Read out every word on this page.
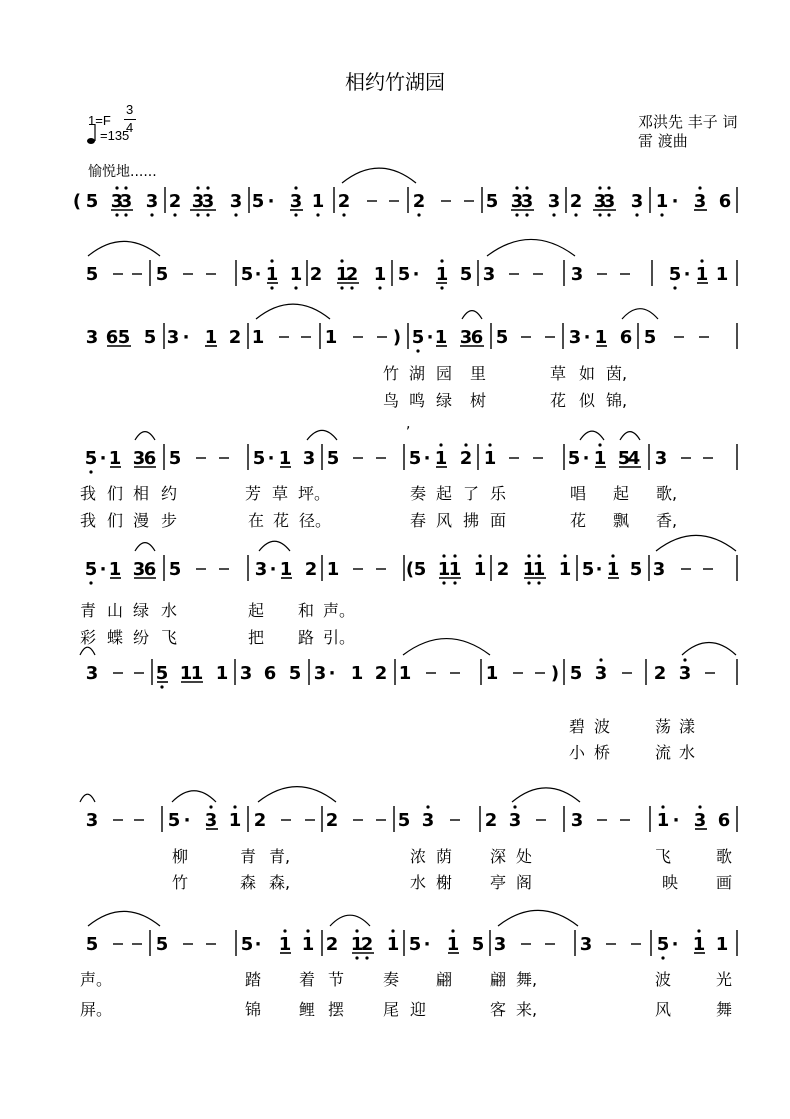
相约竹湖园
1=F
3
4
=135
邓洪先 丰子 词
雷 渡曲
愉悦地......
,
( 5 3
3 3 2 3
3 3 5 · 3 1 2	2	5 3
3 3 2 3
3 3 1 · 3 6
5	5	5 · 1 1 2 1
2 1 5 · 1 5 3	3	5 · 1 1
3 6 5 5 3 · 1 2 1	1	) 5 · 1 3
6 5	3 · 1 6 5
竹 湖 园 里	草 如 茵,
鸟 鸣 绿 树	花 似 锦,
5 · 1 3
6 5	5 · 1 3 5	5 · 1 2 1	5 · 1 5
4 3
我 们 相 约	芳 草 坪。	奏 起 了 乐	唱 起 歌,
我 们 漫 步	在 花 径。	春 风 拂 面	花 飘 香,
5 · 1 3
6 5	3 · 1 2 1	( 5 1
1 1 2 1
1 1 5 · 1 5 3
青 山 绿 水	起 和 声。
彩 蝶 纷 飞	把 路 引。
3	5 1
1 1 3 6 5 3 · 1 2 1	1	) 5 3	2 3
碧 波	荡 漾
小 桥	流 水
3	5 · 3 1 2	2	5 3	2 3	3	1 · 3 6
柳	青 青,	浓 荫 深 处	飞	歌
竹	森 森,	水 榭 亭 阁	映 画
5	5	5 · 1 1 2 1
2 1 5 · 1 5 3	3	5 · 1 1
声。	踏 着 节 奏 翩 翩 舞,	波	光
屏。	锦 鲤 摆 尾 迎	客 来,	风	舞
